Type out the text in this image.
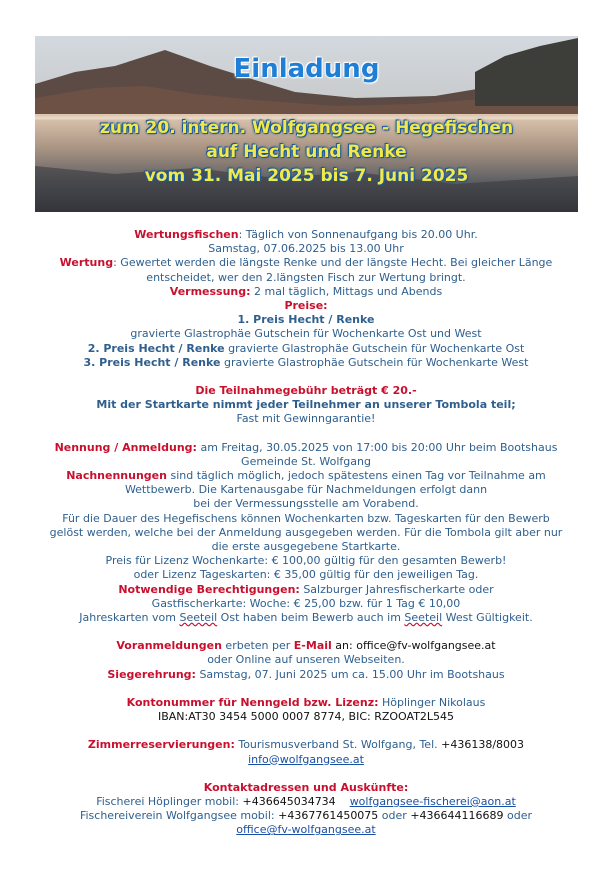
Einladung
zum 20. intern. Wolfgangsee - Hegefischen
auf Hecht und Renke
vom 31. Mai 2025 bis 7. Juni 2025

Wertungsfischen: Täglich von Sonnenaufgang bis 20.00 Uhr.

Samstag, 07.06.2025 bis 13.00 Uhr

Wertung: Gewertet werden die längste Renke und der längste Hecht. Bei gleicher Länge

entscheidet, wer den 2.längsten Fisch zur Wertung bringt.

Vermessung: 2 mal täglich, Mittags und Abends

Preise:

1. Preis Hecht / Renke

gravierte Glastrophäe Gutschein für Wochenkarte Ost und West

2. Preis Hecht / Renke gravierte Glastrophäe Gutschein für Wochenkarte Ost

3. Preis Hecht / Renke gravierte Glastrophäe Gutschein für Wochenkarte West

Die Teilnahmegebühr beträgt € 20.-

Mit der Startkarte nimmt jeder Teilnehmer an unserer Tombola teil;

Fast mit Gewinngarantie!

Nennung / Anmeldung: am Freitag, 30.05.2025 von 17:00 bis 20:00 Uhr beim Bootshaus

Gemeinde St. Wolfgang

Nachnennungen sind täglich möglich, jedoch spätestens einen Tag vor Teilnahme am

Wettbewerb. Die Kartenausgabe für Nachmeldungen erfolgt dann

bei der Vermessungsstelle am Vorabend.

Für die Dauer des Hegefischens können Wochenkarten bzw. Tageskarten für den Bewerb

gelöst werden, welche bei der Anmeldung ausgegeben werden. Für die Tombola gilt aber nur

die erste ausgegebene Startkarte.

Preis für Lizenz Wochenkarte: € 100,00 gültig für den gesamten Bewerb!

oder Lizenz Tageskarten: € 35,00 gültig für den jeweiligen Tag.

Notwendige Berechtigungen: Salzburger Jahresfischerkarte oder

Gastfischerkarte: Woche: € 25,00 bzw. für 1 Tag € 10,00

Jahreskarten vom Seeteil Ost haben beim Bewerb auch im Seeteil West Gültigkeit.

Voranmeldungen erbeten per E-Mail an: office@fv-wolfgangsee.at

oder Online auf unseren Webseiten.

Siegerehrung: Samstag, 07. Juni 2025 um ca. 15.00 Uhr im Bootshaus

Kontonummer für Nenngeld bzw. Lizenz: Höplinger Nikolaus

IBAN:AT30 3454 5000 0007 8774, BIC: RZOOAT2L545

Zimmerreservierungen: Tourismusverband St. Wolfgang, Tel. +436138/8003

info@wolfgangsee.at

Kontaktadressen und Auskünfte:

Fischerei Höplinger mobil: +436645034734 wolfgangsee-fischerei@aon.at

Fischereiverein Wolfgangsee mobil: +4367761450075 oder +436644116689 oder

office@fv-wolfgangsee.at
